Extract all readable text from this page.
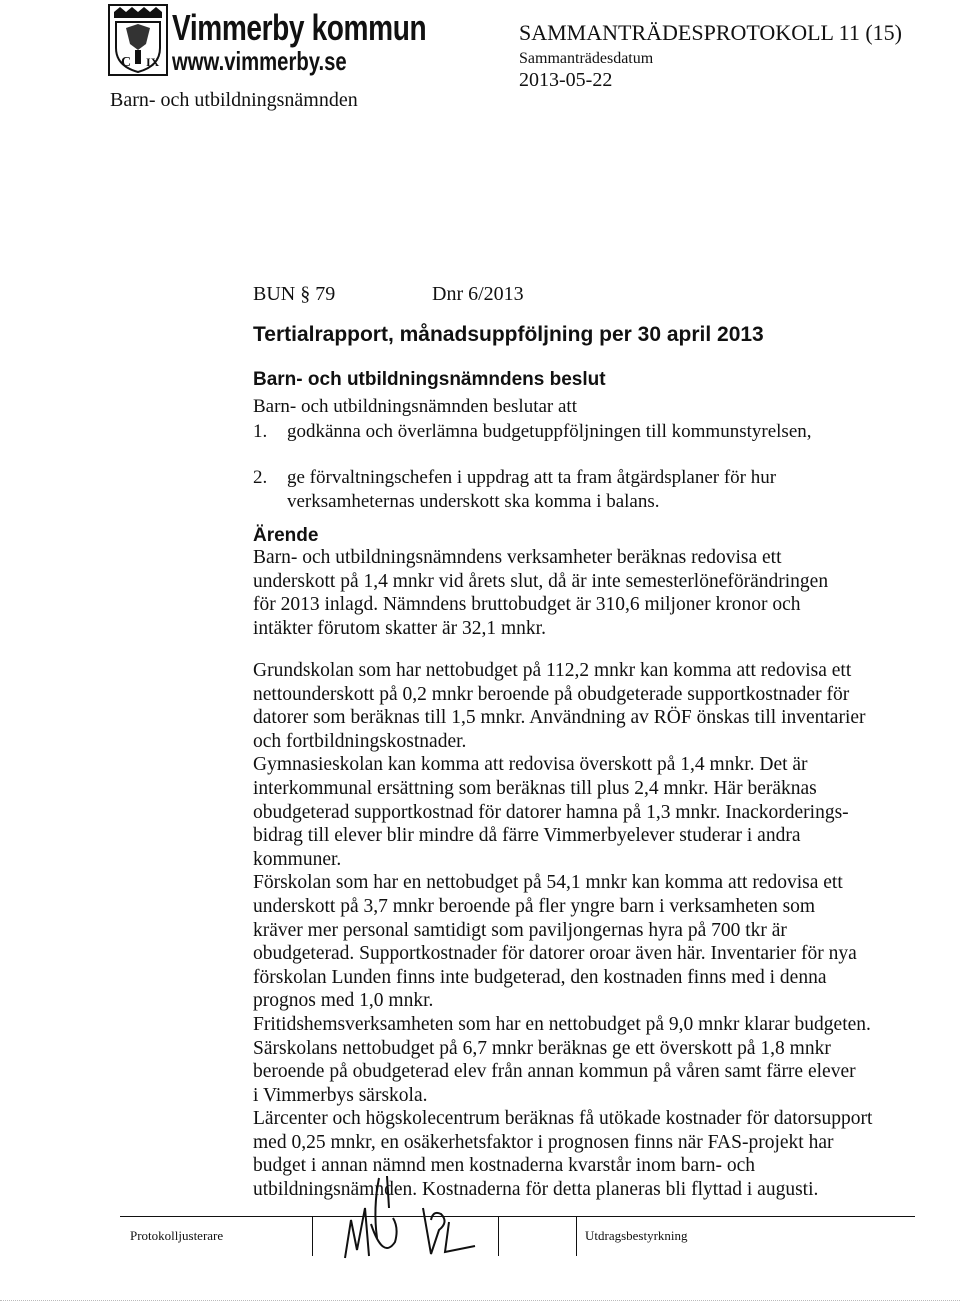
C IX
Vimmerby kommun
www.vimmerby.se
Barn- och utbildningsnämnden
SAMMANTRÄDESPROTOKOLL 11 (15)
Sammanträdesdatum
2013-05-22
BUN § 79	Dnr 6/2013
Tertialrapport, månadsuppföljning per 30 april 2013
Barn- och utbildningsnämndens beslut
Barn- och utbildningsnämnden beslutar att
1. godkänna och överlämna budgetuppföljningen till kommunstyrelsen,
2. ge förvaltningschefen i uppdrag att ta fram åtgärdsplaner för hur
verksamheternas underskott ska komma i balans.
Ärende
Barn- och utbildningsnämndens verksamheter beräknas redovisa ett
underskott på 1,4 mnkr vid årets slut, då är inte semesterlöneförändringen
för 2013 inlagd. Nämndens bruttobudget är 310,6 miljoner kronor och
intäkter förutom skatter är 32,1 mnkr.
Grundskolan som har nettobudget på 112,2 mnkr kan komma att redovisa ett
nettounderskott på 0,2 mnkr beroende på obudgeterade supportkostnader för
datorer som beräknas till 1,5 mnkr. Användning av RÖF önskas till inventarier
och fortbildningskostnader.
Gymnasieskolan kan komma att redovisa överskott på 1,4 mnkr. Det är
interkommunal ersättning som beräknas till plus 2,4 mnkr. Här beräknas
obudgeterad supportkostnad för datorer hamna på 1,3 mnkr. Inackorderings-
bidrag till elever blir mindre då färre Vimmerbyelever studerar i andra
kommuner.
Förskolan som har en nettobudget på 54,1 mnkr kan komma att redovisa ett
underskott på 3,7 mnkr beroende på fler yngre barn i verksamheten som
kräver mer personal samtidigt som paviljongernas hyra på 700 tkr är
obudgeterad. Supportkostnader för datorer oroar även här. Inventarier för nya
förskolan Lunden finns inte budgeterad, den kostnaden finns med i denna
prognos med 1,0 mnkr.
Fritidshemsverksamheten som har en nettobudget på 9,0 mnkr klarar budgeten.
Särskolans nettobudget på 6,7 mnkr beräknas ge ett överskott på 1,8 mnkr
beroende på obudgeterad elev från annan kommun på våren samt färre elever
i Vimmerbys särskola.
Lärcenter och högskolecentrum beräknas få utökade kostnader för datorsupport
med 0,25 mnkr, en osäkerhetsfaktor i prognosen finns när FAS-projekt har
budget i annan nämnd men kostnaderna kvarstår inom barn- och
utbildningsnämnden. Kostnaderna för detta planeras bli flyttad i augusti.
Protokolljusterare	Utdragsbestyrkning
